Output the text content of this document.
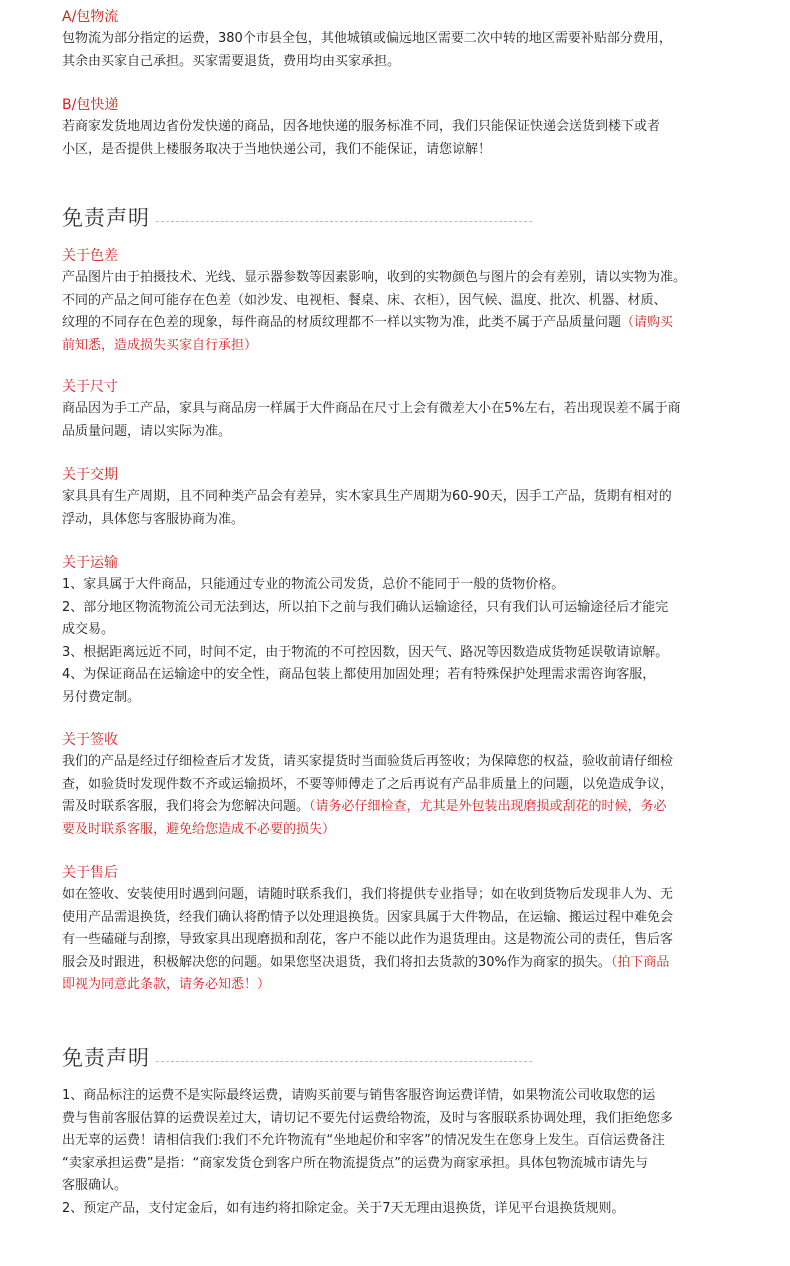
A/包物流

包物流为部分指定的运费，380个市县全包，其他城镇或偏远地区需要二次中转的地区需要补贴部分费用，
其余由买家自己承担。买家需要退货，费用均由买家承担。

B/包快递

若商家发货地周边省份发快递的商品，因各地快递的服务标准不同，我们只能保证快递会送货到楼下或者
小区，是否提供上楼服务取决于当地快递公司，我们不能保证，请您谅解！

免责声明

关于色差

产品图片由于拍摄技术、光线、显示器参数等因素影响，收到的实物颜色与图片的会有差别，请以实物为准。
不同的产品之间可能存在色差（如沙发、电视柜、餐桌、床、衣柜），因气候、温度、批次、机器、材质、
纹理的不同存在色差的现象，每件商品的材质纹理都不一样以实物为准，此类不属于产品质量问题（请购买
前知悉，造成损失买家自行承担）

关于尺寸

商品因为手工产品，家具与商品房一样属于大件商品在尺寸上会有微差大小在5%左右，若出现误差不属于商
品质量问题，请以实际为准。

关于交期

家具具有生产周期，且不同种类产品会有差异，实木家具生产周期为60-90天，因手工产品，货期有相对的
浮动，具体您与客服协商为准。

关于运输

1、家具属于大件商品，只能通过专业的物流公司发货，总价不能同于一般的货物价格。
2、部分地区物流物流公司无法到达，所以拍下之前与我们确认运输途径，只有我们认可运输途径后才能完
成交易。
3、根据距离远近不同，时间不定，由于物流的不可控因数，因天气、路况等因数造成货物延误敬请谅解。
4、为保证商品在运输途中的安全性，商品包装上都使用加固处理；若有特殊保护处理需求需咨询客服，
另付费定制。

关于签收

我们的产品是经过仔细检查后才发货，请买家提货时当面验货后再签收；为保障您的权益，验收前请仔细检
查，如验货时发现件数不齐或运输损坏，不要等师傅走了之后再说有产品非质量上的问题，以免造成争议，
需及时联系客服，我们将会为您解决问题。（请务必仔细检查，尤其是外包装出现磨损或刮花的时候，务必
要及时联系客服，避免给您造成不必要的损失）

关于售后

如在签收、安装使用时遇到问题，请随时联系我们，我们将提供专业指导；如在收到货物后发现非人为、无
使用产品需退换货，经我们确认将酌情予以处理退换货。因家具属于大件物品，在运输、搬运过程中难免会
有一些磕碰与刮擦，导致家具出现磨损和刮花，客户不能以此作为退货理由。这是物流公司的责任，售后客
服会及时跟进，积极解决您的问题。如果您坚决退货，我们将扣去货款的30%作为商家的损失。（拍下商品
即视为同意此条款，请务必知悉！）

免责声明

1、商品标注的运费不是实际最终运费，请购买前要与销售客服咨询运费详情，如果物流公司收取您的运
费与售前客服估算的运费误差过大，请切记不要先付运费给物流，及时与客服联系协调处理，我们拒绝您多
出无辜的运费！请相信我们:我们不允许物流有“坐地起价和宰客”的情况发生在您身上发生。百信运费备注
“卖家承担运费”是指：“商家发货仓到客户所在物流提货点”的运费为商家承担。具体包物流城市请先与
客服确认。
2、预定产品，支付定金后，如有违约将扣除定金。关于7天无理由退换货，详见平台退换货规则。
